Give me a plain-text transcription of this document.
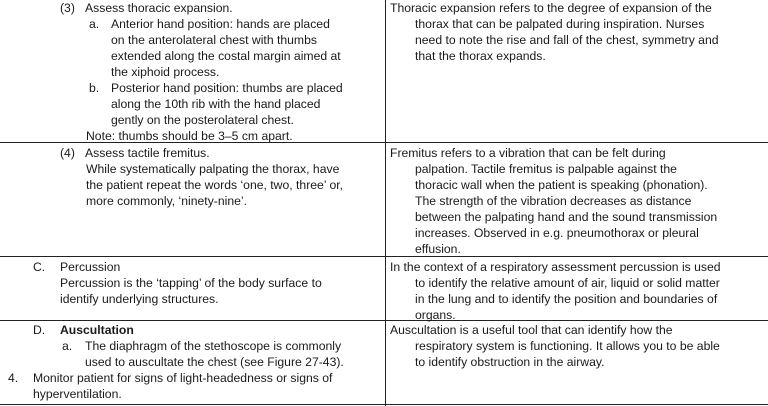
(3) Assess thoracic expansion.
a. Anterior hand position: hands are placed
on the anterolateral chest with thumbs
extended along the costal margin aimed at
the xiphoid process.
b. Posterior hand position: thumbs are placed
along the 10th rib with the hand placed
gently on the posterolateral chest.
Note: thumbs should be 3–5 cm apart.
(4) Assess tactile fremitus.
While systematically palpating the thorax, have
the patient repeat the words ‘one, two, three’ or,
more commonly, ‘ninety-nine’.
C. Percussion
Percussion is the ‘tapping’ of the body surface to
identify underlying structures.
D. Auscultation
a. The diaphragm of the stethoscope is commonly
used to auscultate the chest (see Figure 27-43).
4. Monitor patient for signs of light-headedness or signs of
hyperventilation.
Thoracic expansion refers to the degree of expansion of the
thorax that can be palpated during inspiration. Nurses
need to note the rise and fall of the chest, symmetry and
that the thorax expands.
Fremitus refers to a vibration that can be felt during
palpation. Tactile fremitus is palpable against the
thoracic wall when the patient is speaking (phonation).
The strength of the vibration decreases as distance
between the palpating hand and the sound transmission
increases. Observed in e.g. pneumothorax or pleural
effusion.
In the context of a respiratory assessment percussion is used
to identify the relative amount of air, liquid or solid matter
in the lung and to identify the position and boundaries of
organs.
Auscultation is a useful tool that can identify how the
respiratory system is functioning. It allows you to be able
to identify obstruction in the airway.
